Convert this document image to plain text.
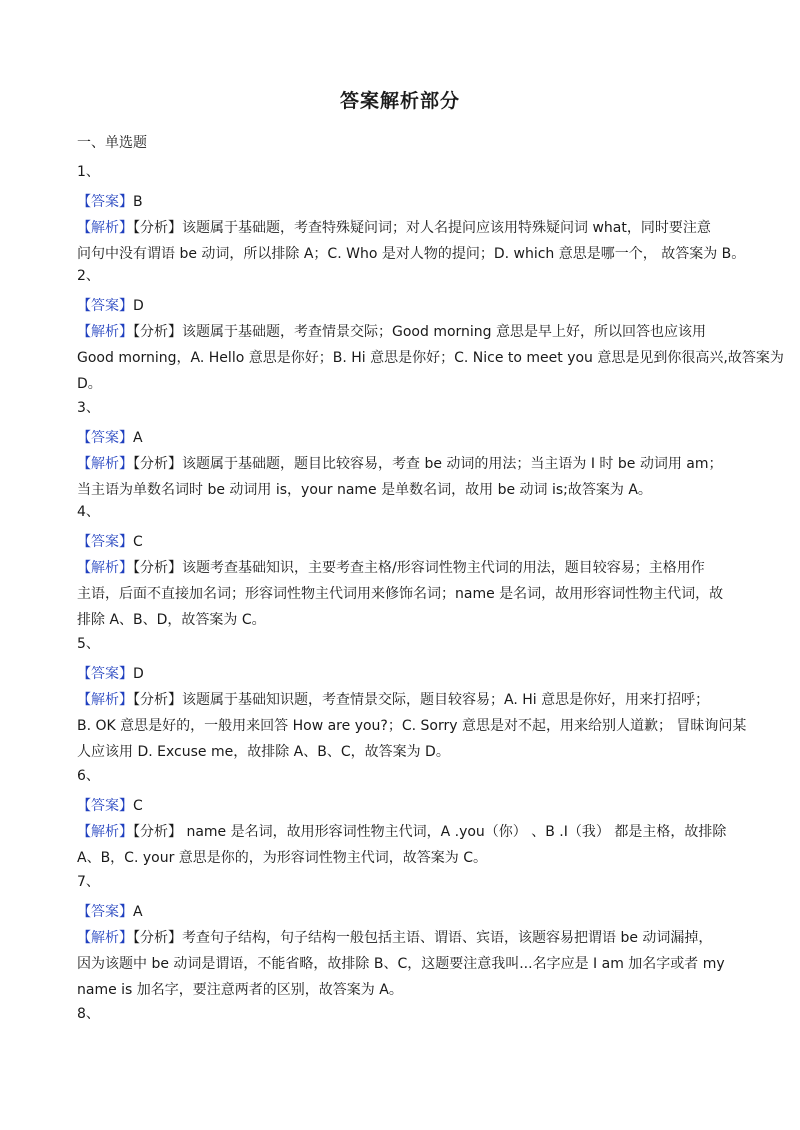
答案解析部分
一、单选题
1、
【答案】B
【解析】【分析】该题属于基础题，考查特殊疑问词；对人名提问应该用特殊疑问词 what，同时要注意
问句中没有谓语 be 动词，所以排除 A；C. Who 是对人物的提问；D. which 意思是哪一个， 故答案为 B。
2、
【答案】D
【解析】【分析】该题属于基础题，考查情景交际；Good morning 意思是早上好，所以回答也应该用
Good morning，A. Hello 意思是你好；B. Hi 意思是你好；C. Nice to meet you 意思是见到你很高兴,故答案为
D。
3、
【答案】A
【解析】【分析】该题属于基础题，题目比较容易，考查 be 动词的用法；当主语为 I 时 be 动词用 am；
当主语为单数名词时 be 动词用 is，your name 是单数名词，故用 be 动词 is;故答案为 A。
4、
【答案】C
【解析】【分析】该题考查基础知识，主要考查主格/形容词性物主代词的用法，题目较容易；主格用作
主语，后面不直接加名词；形容词性物主代词用来修饰名词；name 是名词，故用形容词性物主代词，故
排除 A、B、D，故答案为 C。
5、
【答案】D
【解析】【分析】该题属于基础知识题，考查情景交际，题目较容易；A. Hi 意思是你好，用来打招呼；
B. OK 意思是好的，一般用来回答 How are you?；C. Sorry 意思是对不起，用来给别人道歉； 冒昧询问某
人应该用 D. Excuse me，故排除 A、B、C，故答案为 D。
6、
【答案】C
【解析】【分析】 name 是名词，故用形容词性物主代词，A .you（你） 、B .I（我） 都是主格，故排除
A、B，C. your 意思是你的，为形容词性物主代词，故答案为 C。
7、
【答案】A
【解析】【分析】考查句子结构，句子结构一般包括主语、谓语、宾语，该题容易把谓语 be 动词漏掉，
因为该题中 be 动词是谓语，不能省略，故排除 B、C，这题要注意我叫...名字应是 I am 加名字或者 my
name is 加名字，要注意两者的区别，故答案为 A。
8、
